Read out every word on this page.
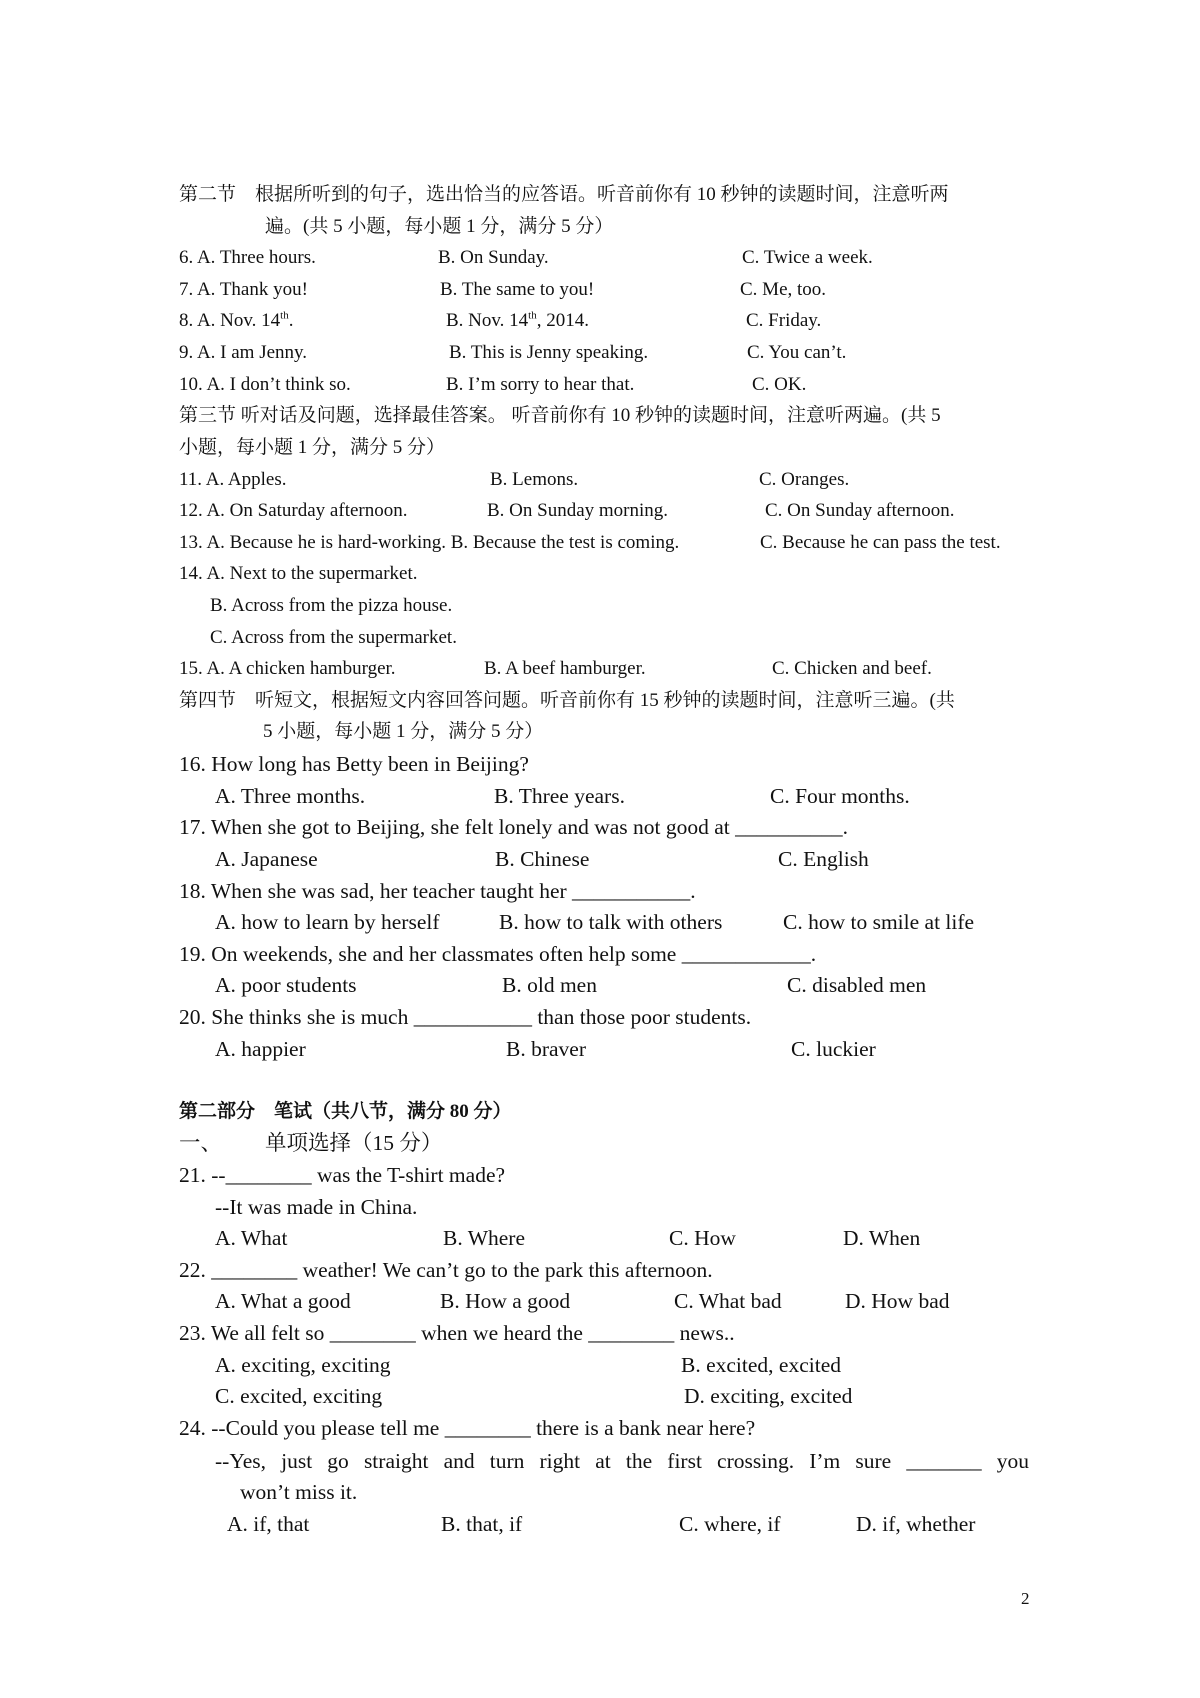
第二节　根据所听到的句子，选出恰当的应答语。听音前你有 10 秒钟的读题时间，注意听两
遍。(共 5 小题，每小题 1 分，满分 5 分）
6. A. Three hours.	B. On Sunday.	C. Twice a week.
7. A. Thank you!	B. The same to you!	C. Me, too.
8. A. Nov. 14th.	B. Nov. 14th, 2014.	C. Friday.
9. A. I am Jenny.	B. This is Jenny speaking.	C. You can’t.
10. A. I don’t think so.	B. I’m sorry to hear that.	C. OK.
第三节 听对话及问题，选择最佳答案。 听音前你有 10 秒钟的读题时间，注意听两遍。(共 5
小题，每小题 1 分，满分 5 分）
11. A. Apples.	B. Lemons.	C. Oranges.
12. A. On Saturday afternoon.	B. On Sunday morning.	C. On Sunday afternoon.
13. A. Because he is hard-working. B. Because the test is coming.	C. Because he can pass the test.
14. A. Next to the supermarket.
B. Across from the pizza house.
C. Across from the supermarket.
15. A. A chicken hamburger.	B. A beef hamburger.	C. Chicken and beef.
第四节　听短文，根据短文内容回答问题。听音前你有 15 秒钟的读题时间，注意听三遍。(共
5 小题，每小题 1 分，满分 5 分）
16. How long has Betty been in Beijing?
A. Three months.	B. Three years.	C. Four months.
17. When she got to Beijing, she felt lonely and was not good at __________.
A. Japanese	B. Chinese	C. English
18. When she was sad, her teacher taught her ___________.
A. how to learn by herself	B. how to talk with others	C. how to smile at life
19. On weekends, she and her classmates often help some ____________.
A. poor students	B. old men	C. disabled men
20. She thinks she is much ___________ than those poor students.
A. happier	B. braver	C. luckier
第二部分　笔试（共八节，满分 80 分）
一、 单项选择（15 分）
21. --________ was the T-shirt made?
--It was made in China.
A. What	B. Where	C. How	D. When
22. ________ weather! We can’t go to the park this afternoon.
A. What a good	B. How a good	C. What bad	D. How bad
23. We all felt so ________ when we heard the ________ news..
A. exciting, exciting	B. excited, excited
C. excited, exciting	D. exciting, excited
24. --Could you please tell me ________ there is a bank near here?
--Yes, just go straight and turn right at the first crossing. I’m sure _______ you
won’t miss it.
A. if, that	B. that, if	C. where, if	D. if, whether
2
